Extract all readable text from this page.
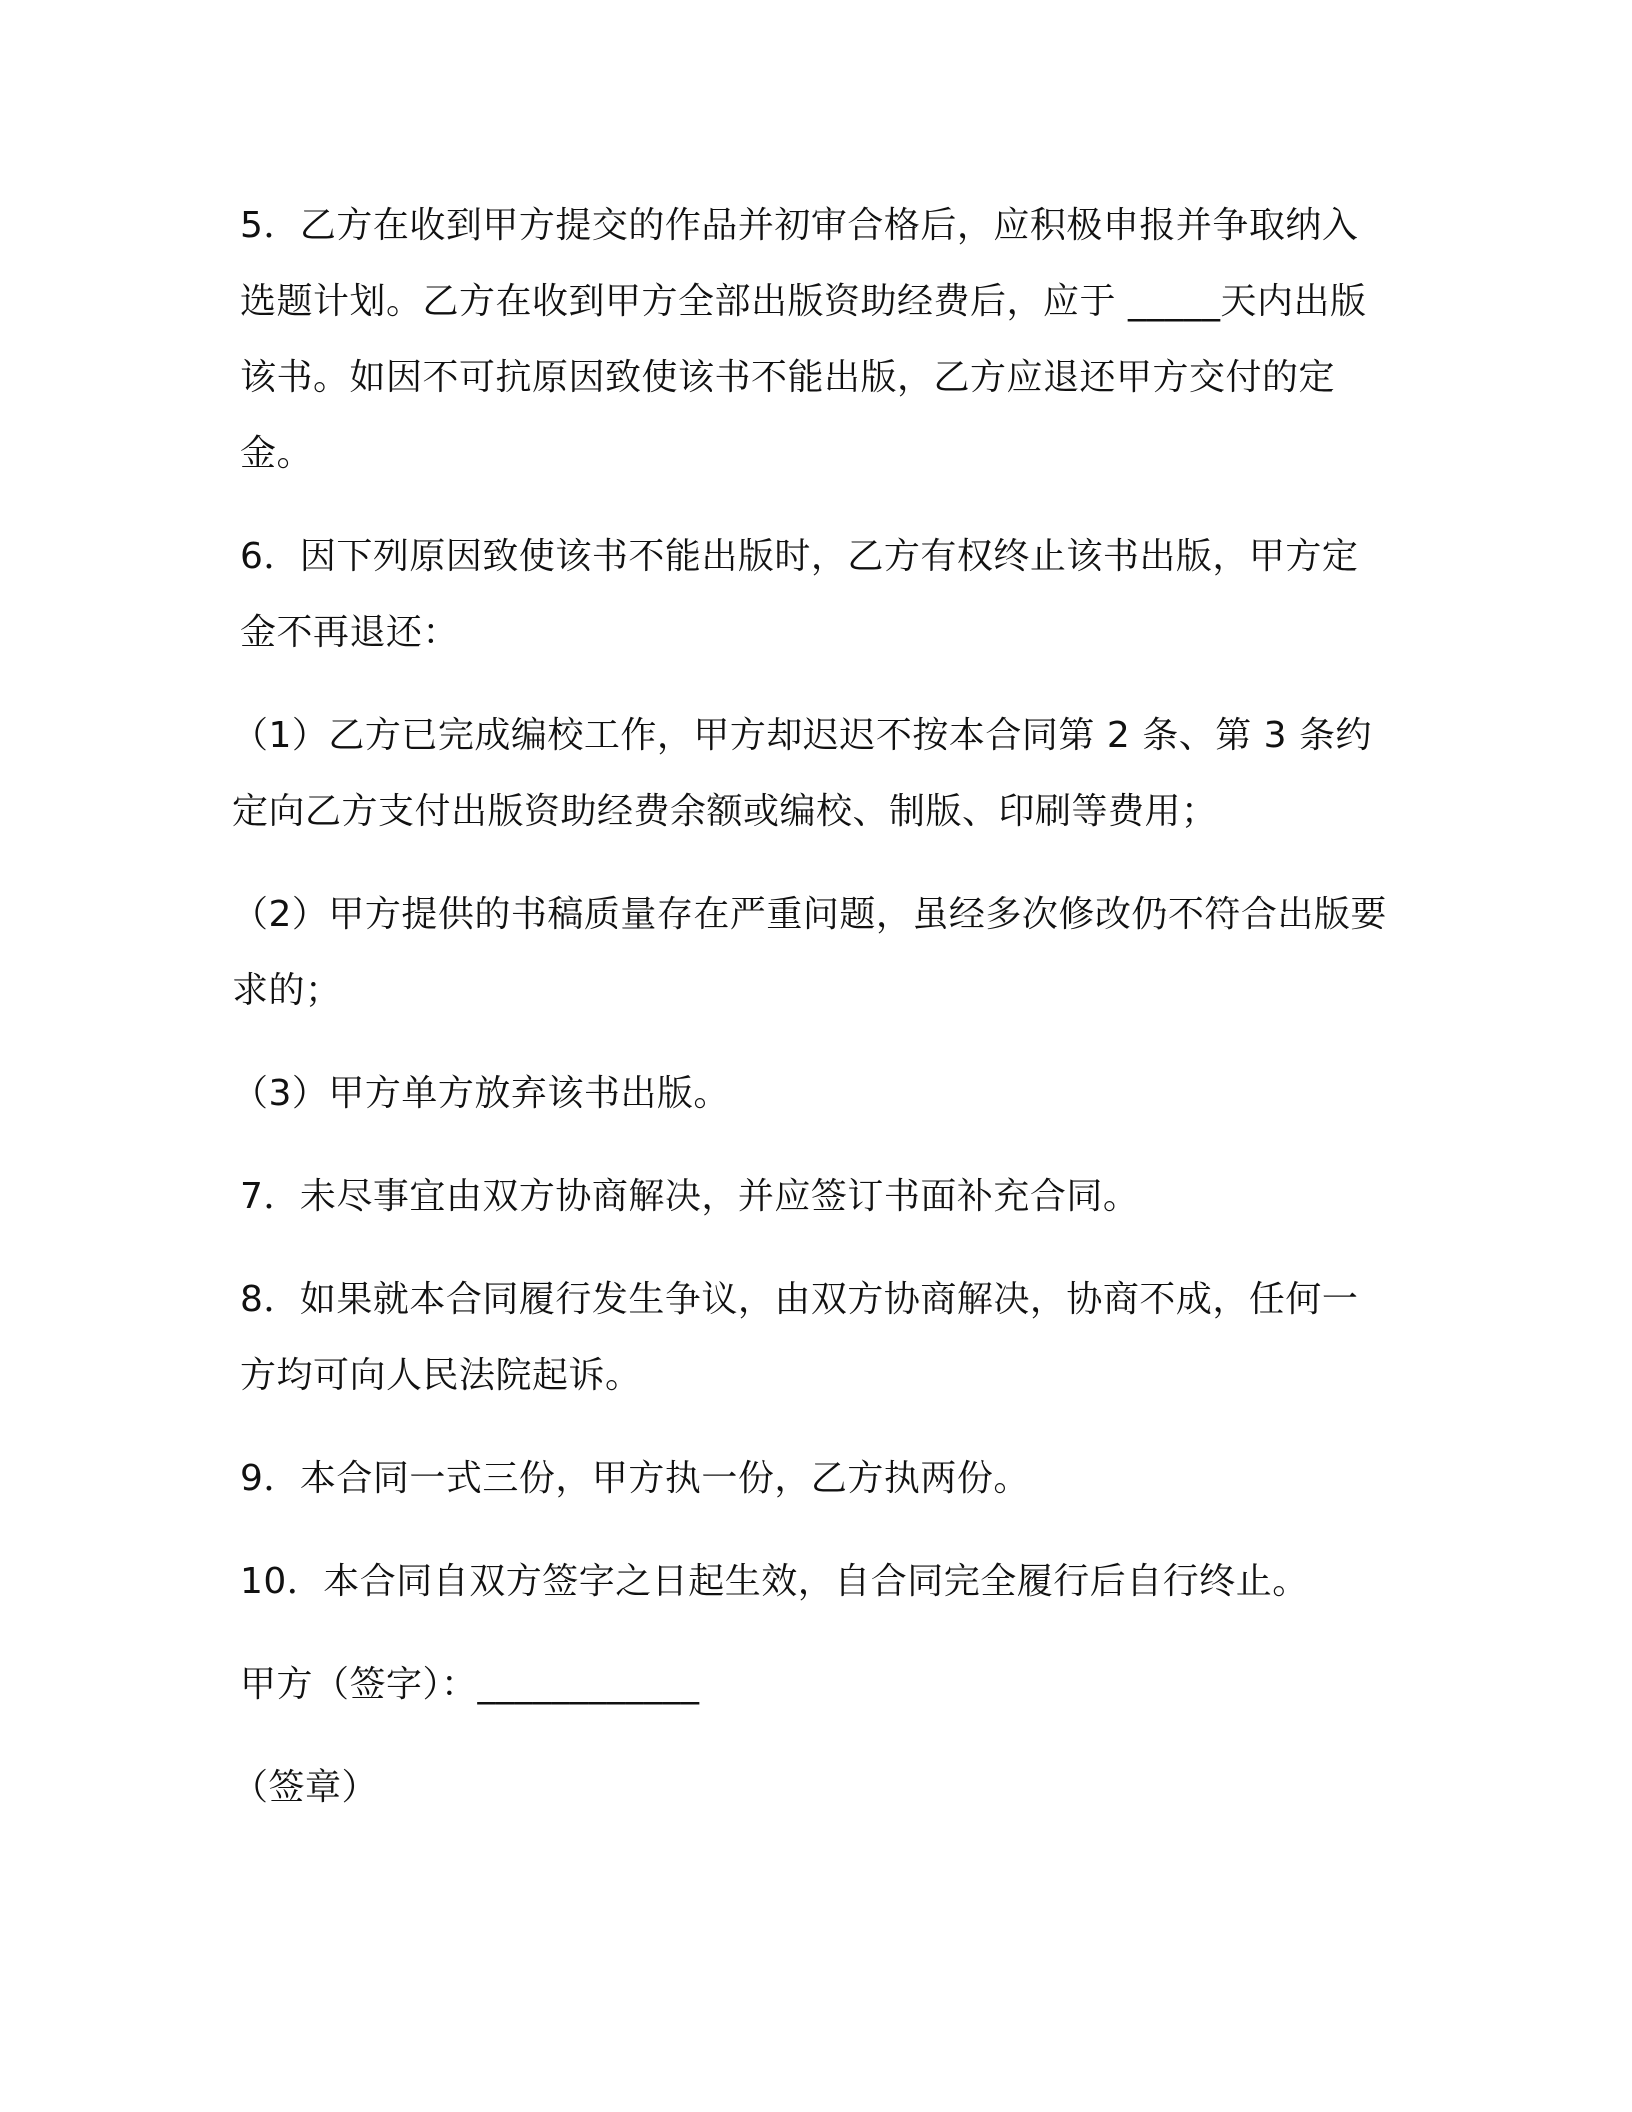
5．乙方在收到甲方提交的作品并初审合格后，应积极申报并争取纳入选题计划。乙方在收到甲方全部出版资助经费后，应于 _____天内出版该书。如因不可抗原因致使该书不能出版，乙方应退还甲方交付的定金。

6．因下列原因致使该书不能出版时，乙方有权终止该书出版，甲方定金不再退还：

（1）乙方已完成编校工作，甲方却迟迟不按本合同第 2 条、第 3 条约定向乙方支付出版资助经费余额或编校、制版、印刷等费用；

（2）甲方提供的书稿质量存在严重问题，虽经多次修改仍不符合出版要求的；

（3）甲方单方放弃该书出版。

7．未尽事宜由双方协商解决，并应签订书面补充合同。

8．如果就本合同履行发生争议，由双方协商解决，协商不成，任何一方均可向人民法院起诉。

9．本合同一式三份，甲方执一份，乙方执两份。

10．本合同自双方签字之日起生效，自合同完全履行后自行终止。

甲方（签字）：____________

（签章）
